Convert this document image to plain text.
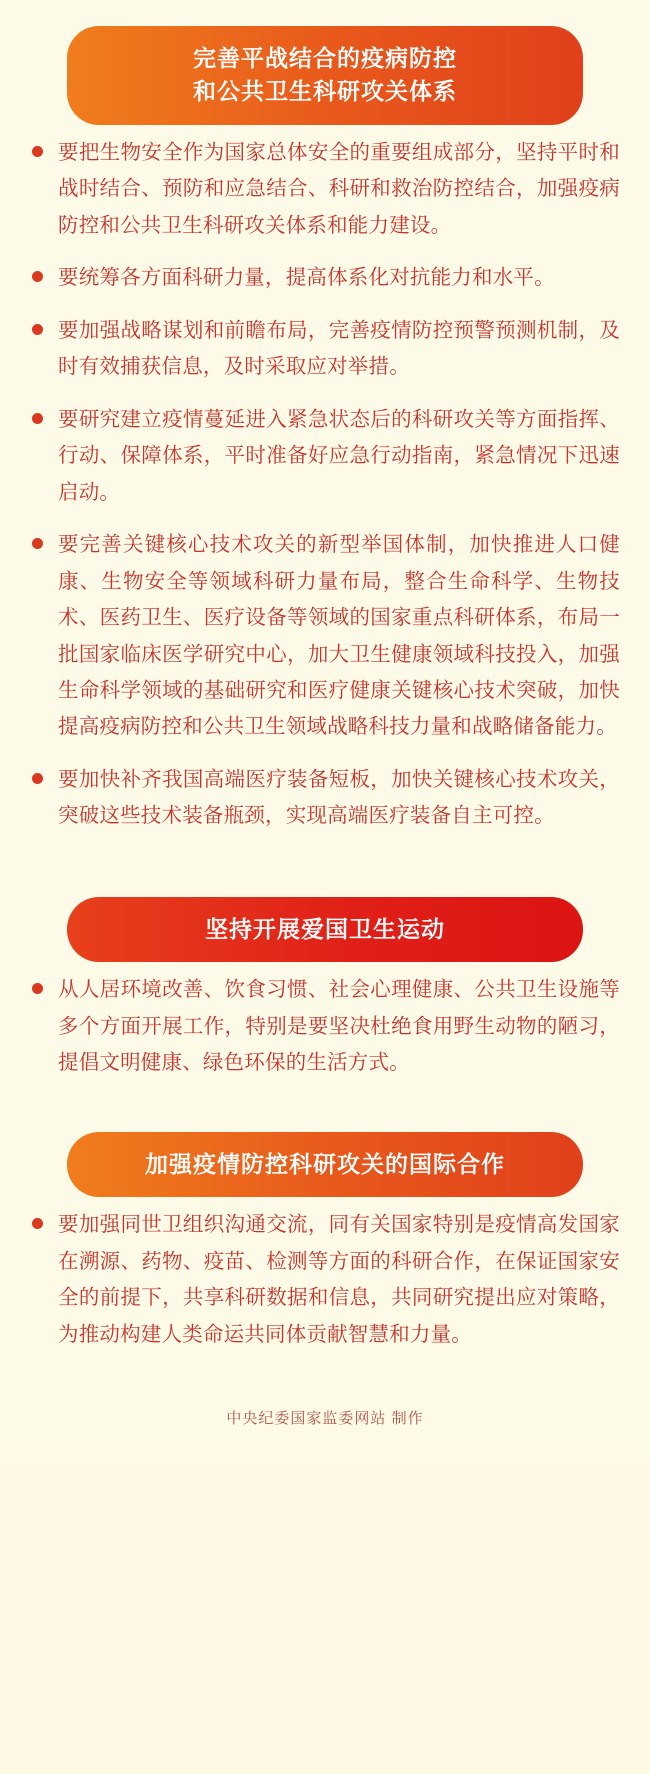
完善平战结合的疫病防控
和公共卫生科研攻关体系

要把生物安全作为国家总体安全的重要组成部分，坚持平时和战时结合、预防和应急结合、科研和救治防控结合，加强疫病防控和公共卫生科研攻关体系和能力建设。

要统筹各方面科研力量，提高体系化对抗能力和水平。

要加强战略谋划和前瞻布局，完善疫情防控预警预测机制，及时有效捕获信息，及时采取应对举措。

要研究建立疫情蔓延进入紧急状态后的科研攻关等方面指挥、行动、保障体系，平时准备好应急行动指南，紧急情况下迅速启动。

要完善关键核心技术攻关的新型举国体制，加快推进人口健康、生物安全等领域科研力量布局，整合生命科学、生物技术、医药卫生、医疗设备等领域的国家重点科研体系，布局一批国家临床医学研究中心，加大卫生健康领域科技投入，加强生命科学领域的基础研究和医疗健康关键核心技术突破，加快提高疫病防控和公共卫生领域战略科技力量和战略储备能力。

要加快补齐我国高端医疗装备短板，加快关键核心技术攻关，突破这些技术装备瓶颈，实现高端医疗装备自主可控。

坚持开展爱国卫生运动

从人居环境改善、饮食习惯、社会心理健康、公共卫生设施等多个方面开展工作，特别是要坚决杜绝食用野生动物的陋习，提倡文明健康、绿色环保的生活方式。

加强疫情防控科研攻关的国际合作

要加强同世卫组织沟通交流，同有关国家特别是疫情高发国家在溯源、药物、疫苗、检测等方面的科研合作，在保证国家安全的前提下，共享科研数据和信息，共同研究提出应对策略，为推动构建人类命运共同体贡献智慧和力量。

中央纪委国家监委网站 制作
